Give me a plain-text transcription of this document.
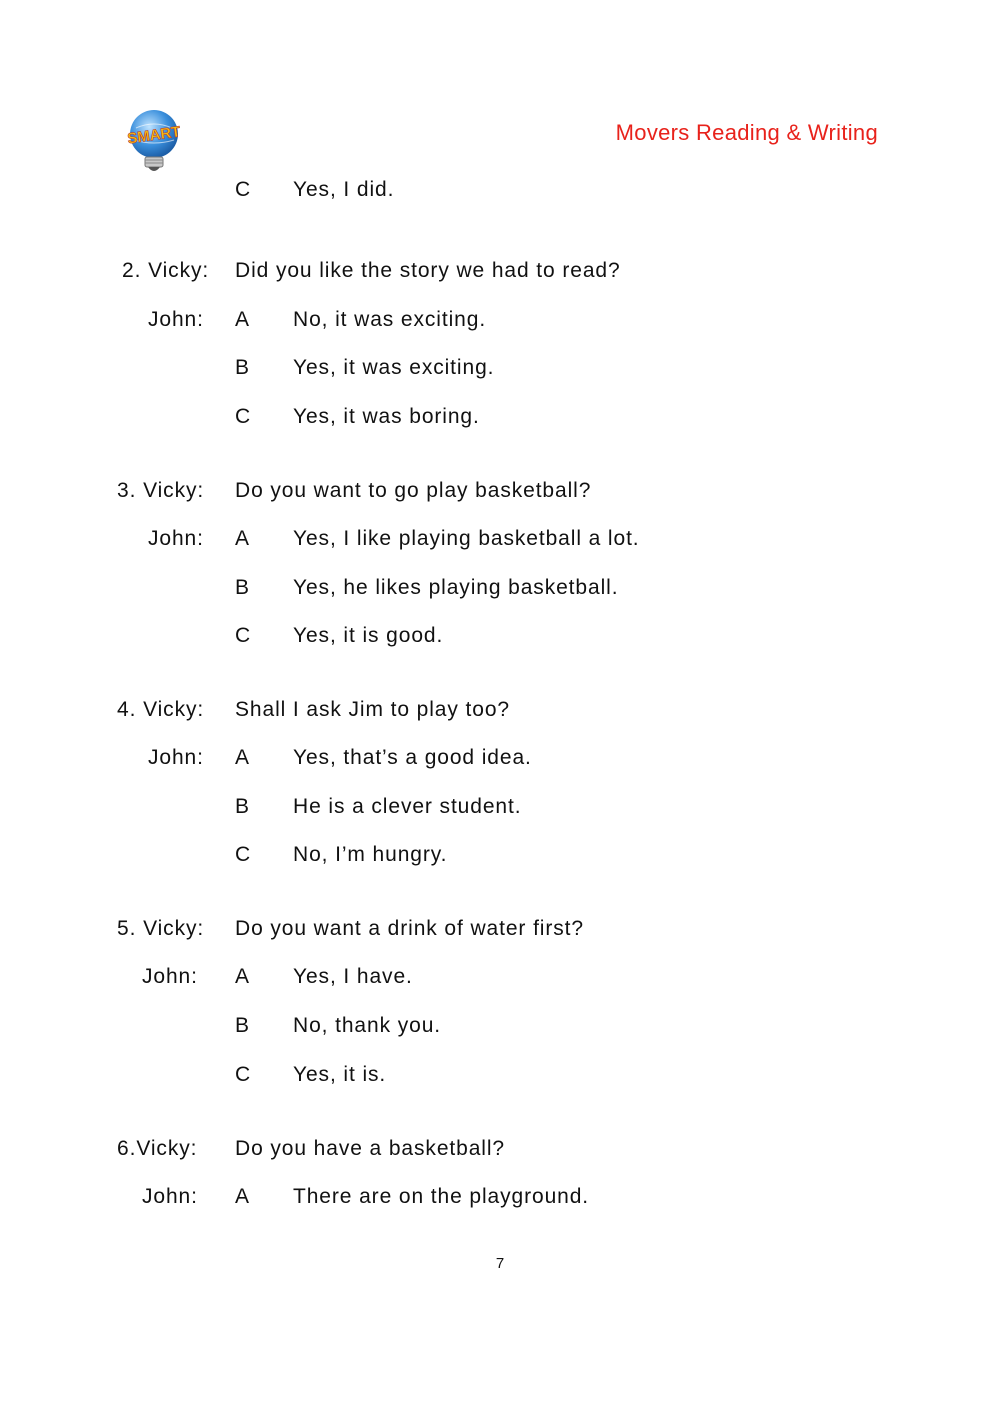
SMART	Movers Reading & Writing
C Yes, I did.
2. Vicky: Did you like the story we had to read?
John: A No, it was exciting.
B Yes, it was exciting.
C Yes, it was boring.
3. Vicky: Do you want to go play basketball?
John: A Yes, I like playing basketball a lot.
B Yes, he likes playing basketball.
C Yes, it is good.
4. Vicky: Shall I ask Jim to play too?
John: A Yes, that’s a good idea.
B He is a clever student.
C No, I’m hungry.
5. Vicky: Do you want a drink of water first?
John: A Yes, I have.
B No, thank you.
C Yes, it is.
6.Vicky: Do you have a basketball?
John: A There are on the playground.
7
